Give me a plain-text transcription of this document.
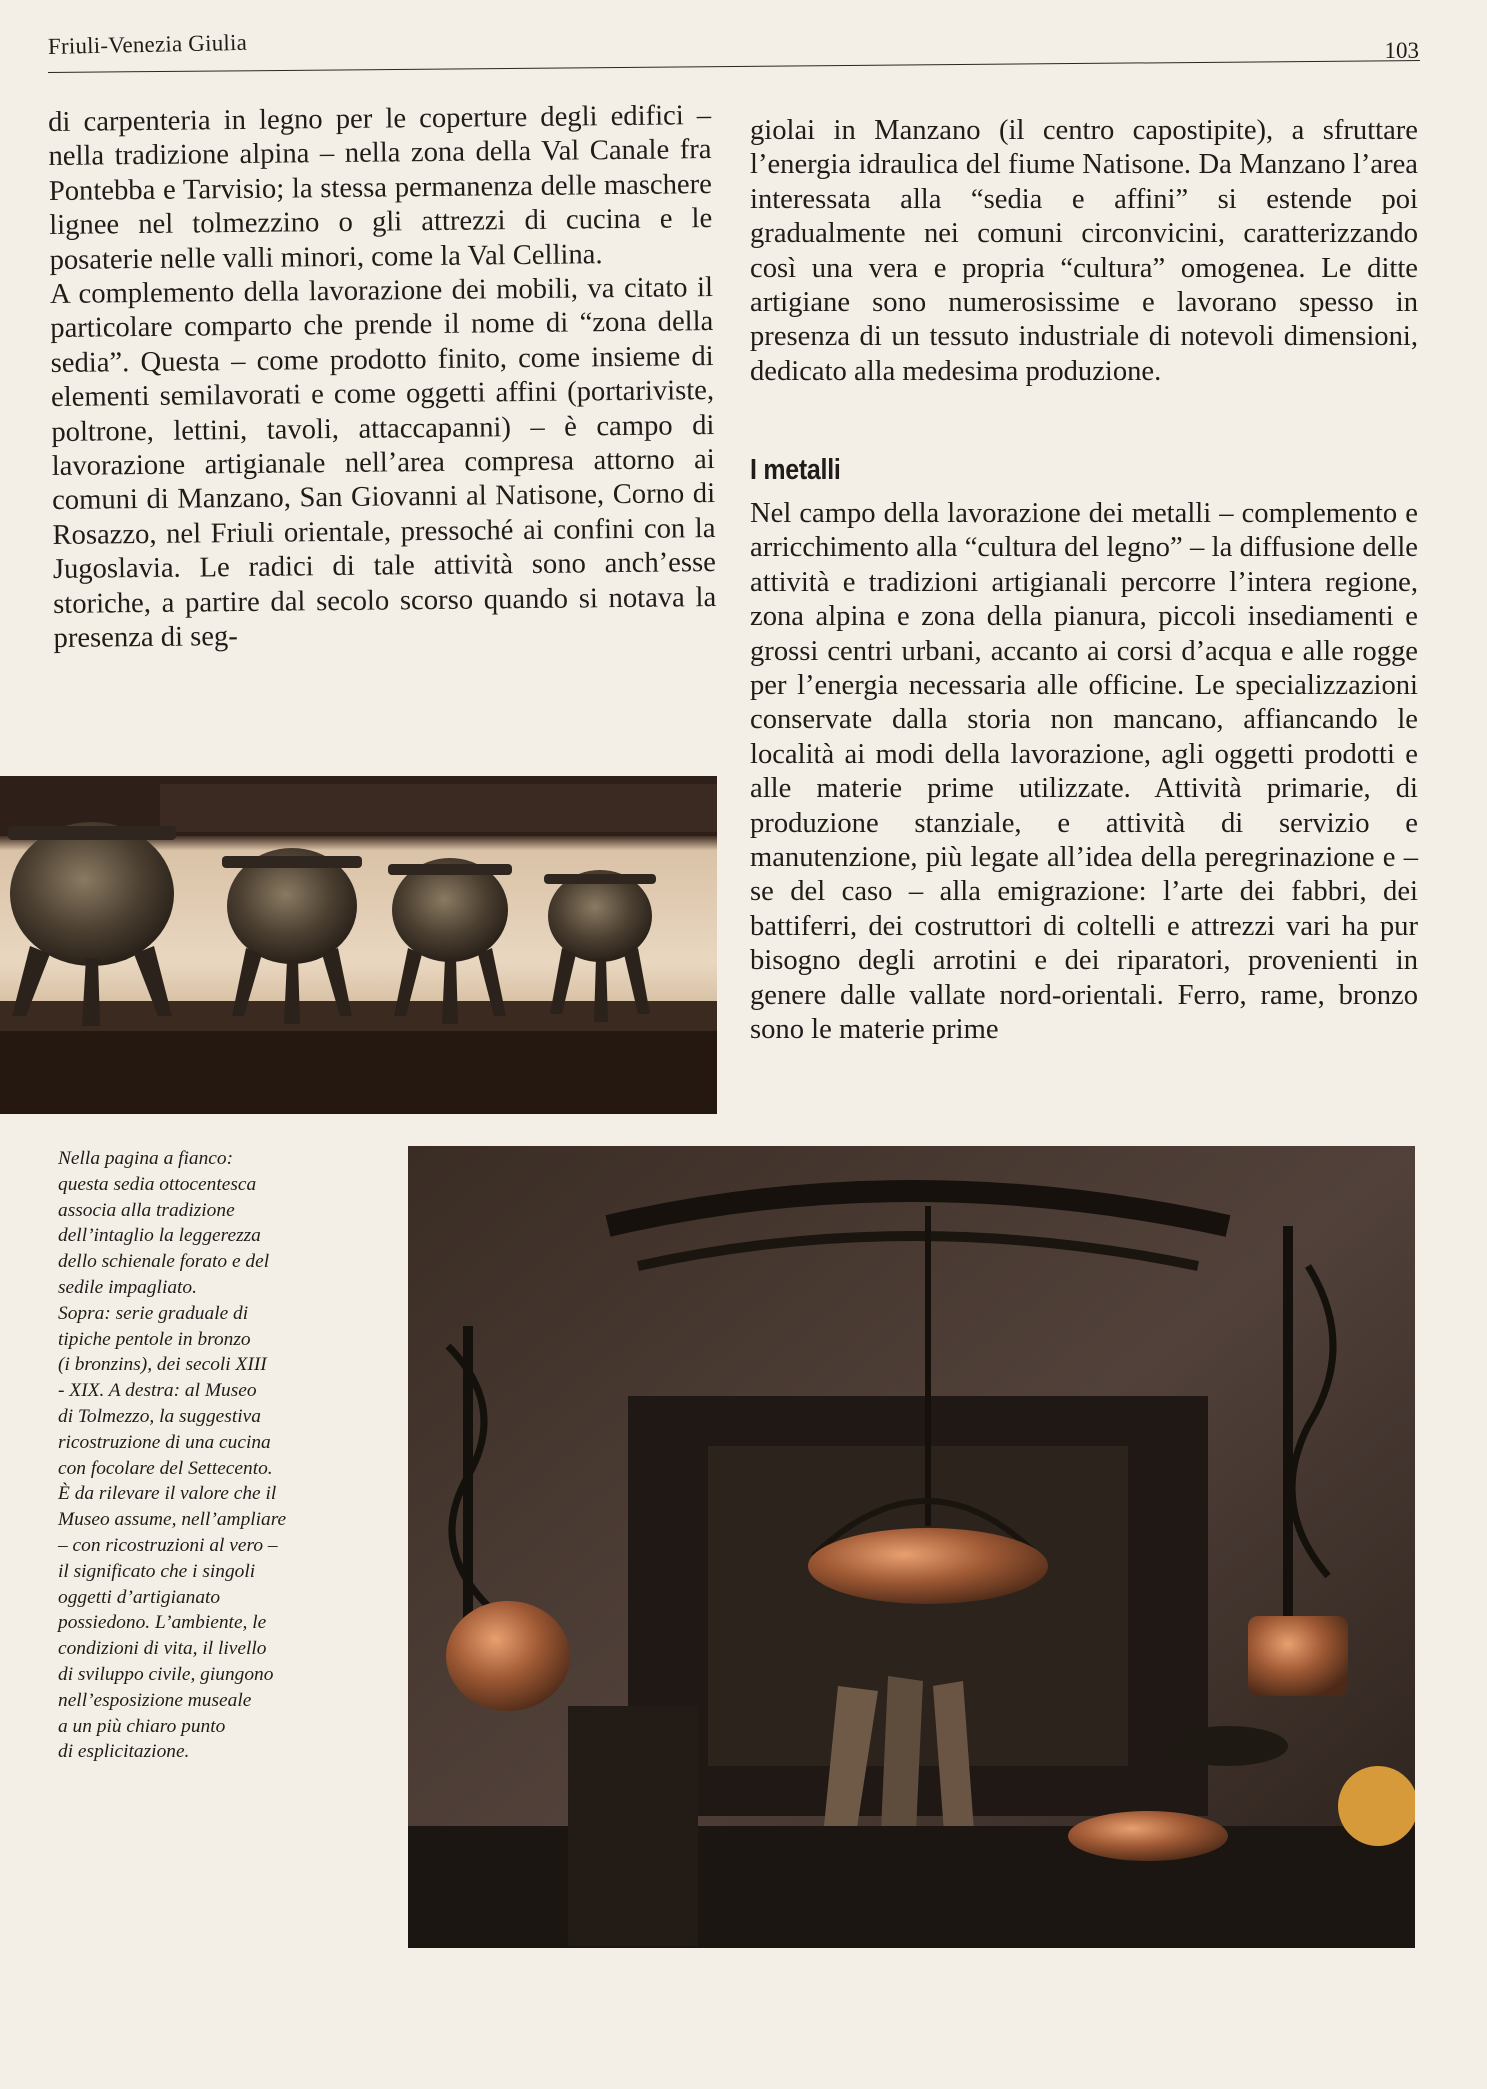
Friuli-Venezia Giulia	103

di carpenteria in legno per le coperture degli edifici – nella tradizione alpina – nella zona della Val Canale fra Pontebba e Tarvisio; la stessa permanenza delle maschere lignee nel tolmezzino o gli attrezzi di cucina e le posaterie nelle valli minori, come la Val Cellina.

A complemento della lavorazione dei mobili, va citato il particolare comparto che prende il nome di “zona della sedia”. Questa – come prodotto finito, come insieme di elementi semilavorati e come oggetti affini (portariviste, poltrone, lettini, tavoli, attaccapanni) – è campo di lavorazione artigianale nell’area compresa attorno ai comuni di Manzano, San Giovanni al Natisone, Corno di Rosazzo, nel Friuli orientale, pressoché ai confini con la Jugoslavia. Le radici di tale attività sono anch’esse storiche, a partire dal secolo scorso quando si notava la presenza di seg-

giolai in Manzano (il centro capostipite), a sfruttare l’energia idraulica del fiume Natisone. Da Manzano l’area interessata alla “sedia e affini” si estende poi gradualmente nei comuni circonvicini, caratterizzando così una vera e propria “cultura” omogenea. Le ditte artigiane sono numerosissime e lavorano spesso in presenza di un tessuto industriale di notevoli dimensioni, dedicato alla medesima produzione.

I metalli

Nel campo della lavorazione dei metalli – complemento e arricchimento alla “cultura del legno” – la diffusione delle attività e tradizioni artigianali percorre l’intera regione, zona alpina e zona della pianura, piccoli insediamenti e grossi centri urbani, accanto ai corsi d’acqua e alle rogge per l’energia necessaria alle officine. Le specializzazioni conservate dalla storia non mancano, affiancando le località ai modi della lavorazione, agli oggetti prodotti e alle materie prime utilizzate. Attività primarie, di produzione stanziale, e attività di servizio e manutenzione, più legate all’idea della peregrinazione e – se del caso – alla emigrazione: l’arte dei fabbri, dei battiferri, dei costruttori di coltelli e attrezzi vari ha pur bisogno degli arrotini e dei riparatori, provenienti in genere dalle vallate nord-orientali. Ferro, rame, bronzo sono le materie prime

Nella pagina a fianco:
questa sedia ottocentesca
associa alla tradizione
dell’intaglio la leggerezza
dello schienale forato e del
sedile impagliato.
Sopra: serie graduale di
tipiche pentole in bronzo
(i bronzins), dei secoli XIII
- XIX. A destra: al Museo
di Tolmezzo, la suggestiva
ricostruzione di una cucina
con focolare del Settecento.
È da rilevare il valore che il
Museo assume, nell’ampliare
– con ricostruzioni al vero –
il significato che i singoli
oggetti d’artigianato
possiedono. L’ambiente, le
condizioni di vita, il livello
di sviluppo civile, giungono
nell’esposizione museale
a un più chiaro punto
di esplicitazione.
